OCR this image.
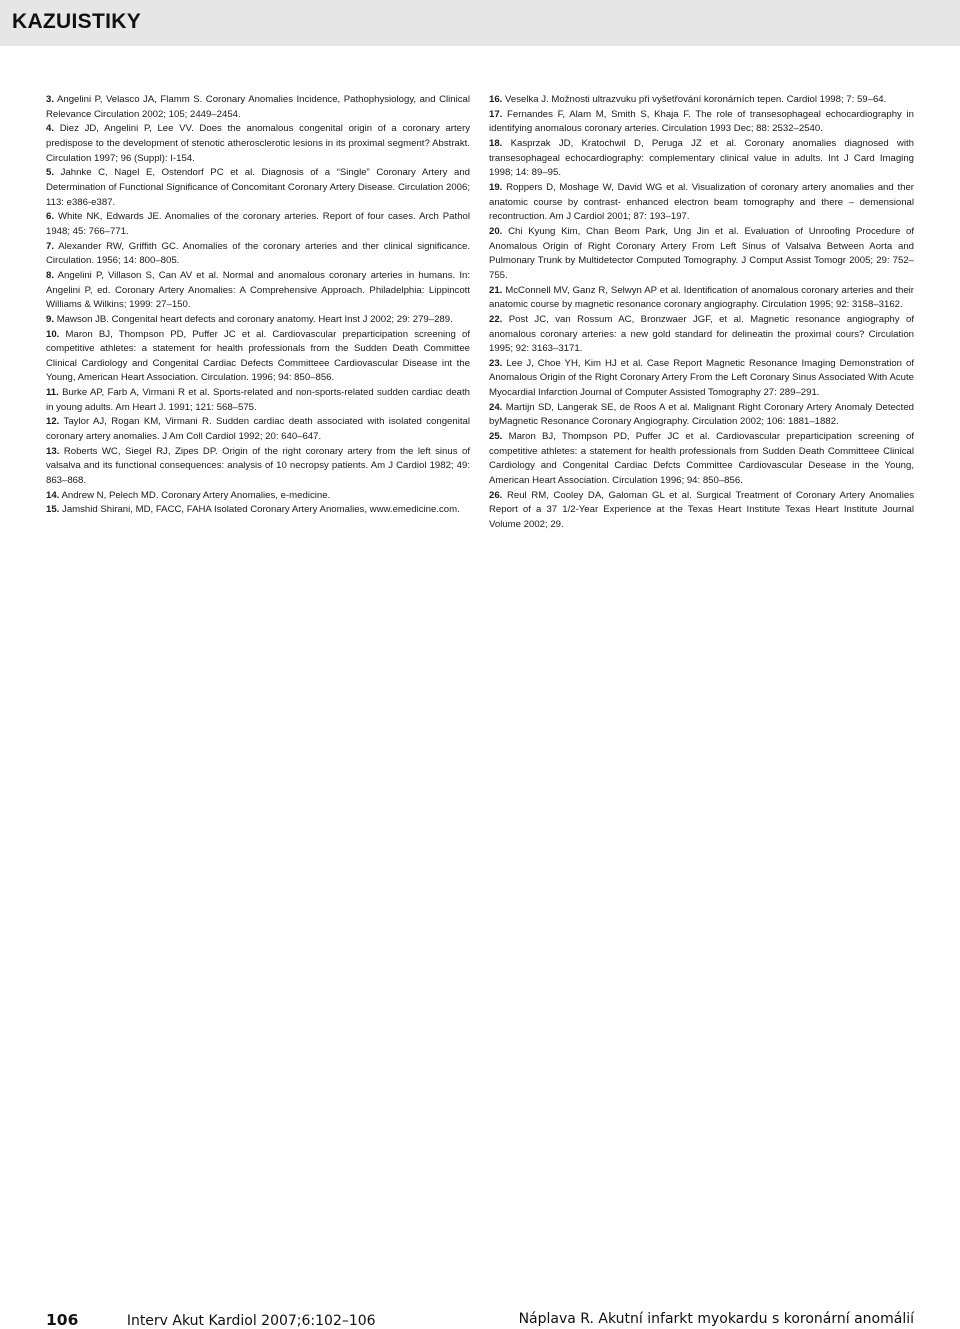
KAZUISTIKY

3. Angelini P, Velasco JA, Flamm S. Coronary Anomalies Incidence, Pathophysiology, and Clinical Relevance Circulation 2002; 105; 2449–2454.

4. Diez JD, Angelini P, Lee VV. Does the anomalous congenital origin of a coronary artery predispose to the development of stenotic atherosclerotic lesions in its proximal segment? Abstrakt. Circulation 1997; 96 (Suppl): I-154.

5. Jahnke C, Nagel E, Ostendorf PC et al. Diagnosis of a “Single” Coronary Artery and Determination of Functional Significance of Concomitant Coronary Artery Disease. Circulation 2006; 113: e386-e387.

6. White NK, Edwards JE. Anomalies of the coronary arteries. Report of four cases. Arch Pathol 1948; 45: 766–771.

7. Alexander RW, Griffith GC. Anomalies of the coronary arteries and ther clinical significance. Circulation. 1956; 14: 800–805.

8. Angelini P, Villason S, Can AV et al. Normal and anomalous coronary arteries in humans. In: Angelini P, ed. Coronary Artery Anomalies: A Comprehensive Approach. Philadelphia: Lippincott Williams & Wilkins; 1999: 27–150.

9. Mawson JB. Congenital heart defects and coronary anatomy. Heart Inst J 2002; 29: 279–289.

10. Maron BJ, Thompson PD, Puffer JC et al. Cardiovascular preparticipation screening of competitive athletes: a statement for health professionals from the Sudden Death Committee Clinical Cardiology and Congenital Cardiac Defects Committeee Cardiovascular Disease int the Young, American Heart Association. Circulation. 1996; 94: 850–856.

11. Burke AP, Farb A, Virmani R et al. Sports-related and non-sports-related sudden cardiac death in young adults. Am Heart J. 1991; 121: 568–575.

12. Taylor AJ, Rogan KM, Virmani R. Sudden cardiac death associated with isolated congenital coronary artery anomalies. J Am Coll Cardiol 1992; 20: 640–647.

13. Roberts WC, Siegel RJ, Zipes DP. Origin of the right coronary artery from the left sinus of valsalva and its functional consequences: analysis of 10 necropsy patients. Am J Cardiol 1982; 49: 863–868.

14. Andrew N, Pelech MD. Coronary Artery Anomalies, e-medicine.

15. Jamshid Shirani, MD, FACC, FAHA Isolated Coronary Artery Anomalies, www.emedicine.com.

16. Veselka J. Možnosti ultrazvuku při vyšetřování koronárních tepen. Cardiol 1998; 7: 59–64.

17. Fernandes F, Alam M, Smith S, Khaja F. The role of transesophageal echocardiography in identifying anomalous coronary arteries. Circulation 1993 Dec; 88: 2532–2540.

18. Kasprzak JD, Kratochwil D, Peruga JZ et al. Coronary anomalies diagnosed with transesophageal echocardiography: complementary clinical value in adults. Int J Card Imaging 1998; 14: 89–95.

19. Roppers D, Moshage W, David WG et al. Visualization of coronary artery anomalies and ther anatomic course by contrast- enhanced electron beam tomography and there – demensional recontruction. Am J Cardiol 2001; 87: 193–197.

20. Chi Kyung Kim, Chan Beom Park, Ung Jin et al. Evaluation of Unroofing Procedure of Anomalous Origin of Right Coronary Artery From Left Sinus of Valsalva Between Aorta and Pulmonary Trunk by Multidetector Computed Tomography. J Comput Assist Tomogr 2005; 29: 752–755.

21. McConnell MV, Ganz R, Selwyn AP et al. Identification of anomalous coronary arteries and their anatomic course by magnetic resonance coronary angiography. Circulation 1995; 92: 3158–3162.

22. Post JC, van Rossum AC, Bronzwaer JGF, et al. Magnetic resonance angiography of anomalous coronary arteries: a new gold standard for delineatin the proximal cours? Circulation 1995; 92: 3163–3171.

23. Lee J, Choe YH, Kim HJ et al. Case Report Magnetic Resonance Imaging Demonstration of Anomalous Origin of the Right Coronary Artery From the Left Coronary Sinus Associated With Acute Myocardial Infarction Journal of Computer Assisted Tomography 27: 289–291.

24. Martijn SD, Langerak SE, de Roos A et al. Malignant Right Coronary Artery Anomaly Detected byMagnetic Resonance Coronary Angiography. Circulation 2002; 106: 1881–1882.

25. Maron BJ, Thompson PD, Puffer JC et al. Cardiovascular preparticipation screening of competitive athletes: a statement for health professionals from Sudden Death Committeee Clinical Cardiology and Congenital Cardiac Defcts Committee Cardiovascular Desease in the Young, American Heart Association. Circulation 1996; 94: 850–856.

26. Reul RM, Cooley DA, Galoman GL et al. Surgical Treatment of Coronary Artery Anomalies Report of a 37 1/2-Year Experience at the Texas Heart Institute Texas Heart Institute Journal Volume 2002; 29.

106	Interv Akut Kardiol 2007;6:102–106	Náplava R. Akutní infarkt myokardu s koronární anomálií
